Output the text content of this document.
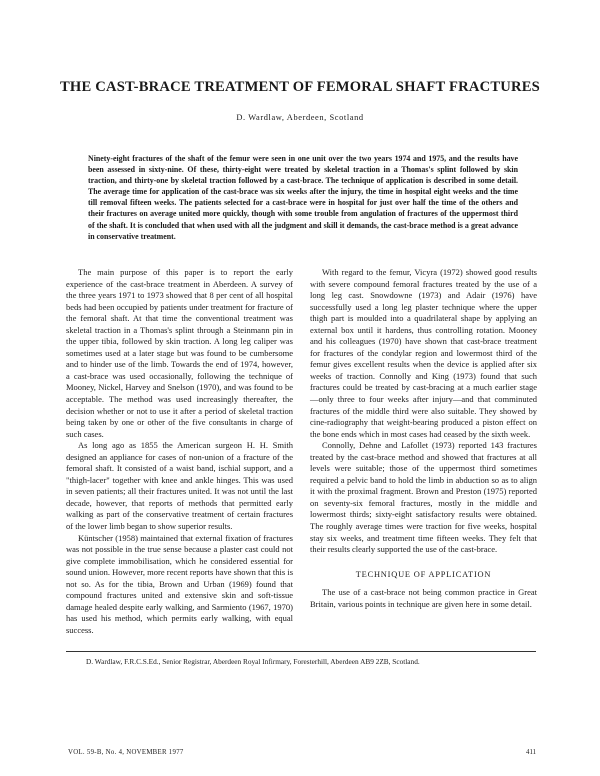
THE CAST-BRACE TREATMENT OF FEMORAL SHAFT FRACTURES
D. Wardlaw, Aberdeen, Scotland
Ninety-eight fractures of the shaft of the femur were seen in one unit over the two years 1974 and 1975, and the results have been assessed in sixty-nine. Of these, thirty-eight were treated by skeletal traction in a Thomas's splint followed by skin traction, and thirty-one by skeletal traction followed by a cast-brace. The technique of application is described in some detail. The average time for application of the cast-brace was six weeks after the injury, the time in hospital eight weeks and the time till removal fifteen weeks. The patients selected for a cast-brace were in hospital for just over half the time of the others and their fractures on average united more quickly, though with some trouble from angulation of fractures of the uppermost third of the shaft. It is concluded that when used with all the judgment and skill it demands, the cast-brace method is a great advance in conservative treatment.

The main purpose of this paper is to report the early experience of the cast-brace treatment in Aberdeen. A survey of the three years 1971 to 1973 showed that 8 per cent of all hospital beds had been occupied by patients under treatment for fracture of the femoral shaft. At that time the conventional treatment was skeletal traction in a Thomas's splint through a Steinmann pin in the upper tibia, followed by skin traction. A long leg caliper was sometimes used at a later stage but was found to be cumbersome and to hinder use of the limb. Towards the end of 1974, however, a cast-brace was used occasionally, following the technique of Mooney, Nickel, Harvey and Snelson (1970), and was found to be acceptable. The method was used increasingly thereafter, the decision whether or not to use it after a period of skeletal traction being taken by one or other of the five consultants in charge of such cases.

As long ago as 1855 the American surgeon H. H. Smith designed an appliance for cases of non-union of a fracture of the femoral shaft. It consisted of a waist band, ischial support, and a "thigh-lacer" together with knee and ankle hinges. This was used in seven patients; all their fractures united. It was not until the last decade, however, that reports of methods that permitted early walking as part of the conservative treatment of certain fractures of the lower limb began to show superior results.

Küntscher (1958) maintained that external fixation of fractures was not possible in the true sense because a plaster cast could not give complete immobilisation, which he considered essential for sound union. However, more recent reports have shown that this is not so. As for the tibia, Brown and Urban (1969) found that compound fractures united and extensive skin and soft-tissue damage healed despite early walking, and Sarmiento (1967, 1970) has used his method, which permits early walking, with equal success.

With regard to the femur, Vicyra (1972) showed good results with severe compound femoral fractures treated by the use of a long leg cast. Snowdowne (1973) and Adair (1976) have successfully used a long leg plaster technique where the upper thigh part is moulded into a quadrilateral shape by applying an external box until it hardens, thus controlling rotation. Mooney and his colleagues (1970) have shown that cast-brace treatment for fractures of the condylar region and lowermost third of the femur gives excellent results when the device is applied after six weeks of traction. Connolly and King (1973) found that such fractures could be treated by cast-bracing at a much earlier stage—only three to four weeks after injury—and that comminuted fractures of the middle third were also suitable. They showed by cine-radiography that weight-bearing produced a piston effect on the bone ends which in most cases had ceased by the sixth week.

Connolly, Dehne and Lafollet (1973) reported 143 fractures treated by the cast-brace method and showed that fractures at all levels were suitable; those of the uppermost third sometimes required a pelvic band to hold the limb in abduction so as to align it with the proximal fragment. Brown and Preston (1975) reported on seventy-six femoral fractures, mostly in the middle and lowermost thirds; sixty-eight satisfactory results were obtained. The roughly average times were traction for five weeks, hospital stay six weeks, and treatment time fifteen weeks. They felt that their results clearly supported the use of the cast-brace.

TECHNIQUE OF APPLICATION

The use of a cast-brace not being common practice in Great Britain, various points in technique are given here in some detail.

D. Wardlaw, F.R.C.S.Ed., Senior Registrar, Aberdeen Royal Infirmary, Foresterhill, Aberdeen AB9 2ZB, Scotland.
VOL. 59-B, No. 4, NOVEMBER 1977	411
